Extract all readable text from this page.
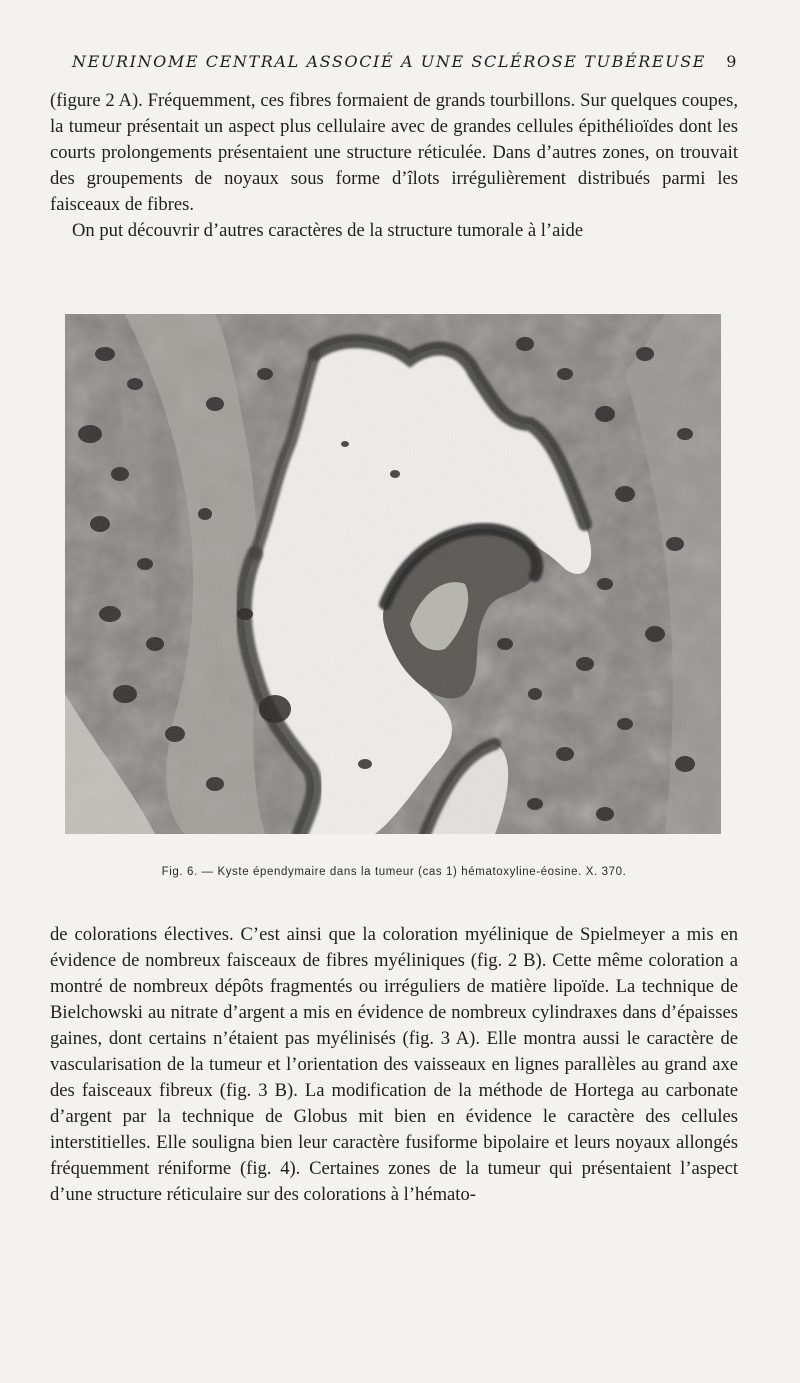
NEURINOME CENTRAL ASSOCIÉ A UNE SCLÉROSE TUBÉREUSE 9

(figure 2 A). Fréquemment, ces fibres formaient de grands tourbillons. Sur quelques coupes, la tumeur présentait un aspect plus cellulaire avec de grandes cellules épithélioïdes dont les courts prolongements présentaient une structure réticulée. Dans d’autres zones, on trouvait des groupements de noyaux sous forme d’îlots irrégulièrement distribués parmi les faisceaux de fibres.

On put découvrir d’autres caractères de la structure tumorale à l’aide

Fig. 6. — Kyste épendymaire dans la tumeur (cas 1) hématoxyline-éosine. X. 370.

de colorations électives. C’est ainsi que la coloration myélinique de Spielmeyer a mis en évidence de nombreux faisceaux de fibres myéliniques (fig. 2 B). Cette même coloration a montré de nombreux dépôts fragmentés ou irréguliers de matière lipoïde. La technique de Bielchowski au nitrate d’argent a mis en évidence de nombreux cylindraxes dans d’épaisses gaines, dont certains n’étaient pas myélinisés (fig. 3 A). Elle montra aussi le caractère de vascularisation de la tumeur et l’orientation des vaisseaux en lignes parallèles au grand axe des faisceaux fibreux (fig. 3 B). La modification de la méthode de Hortega au carbonate d’argent par la technique de Globus mit bien en évidence le caractère des cellules interstitielles. Elle souligna bien leur caractère fusiforme bipolaire et leurs noyaux allongés fréquemment réniforme (fig. 4). Certaines zones de la tumeur qui présentaient l’aspect d’une structure réticulaire sur des colorations à l’hémato-
